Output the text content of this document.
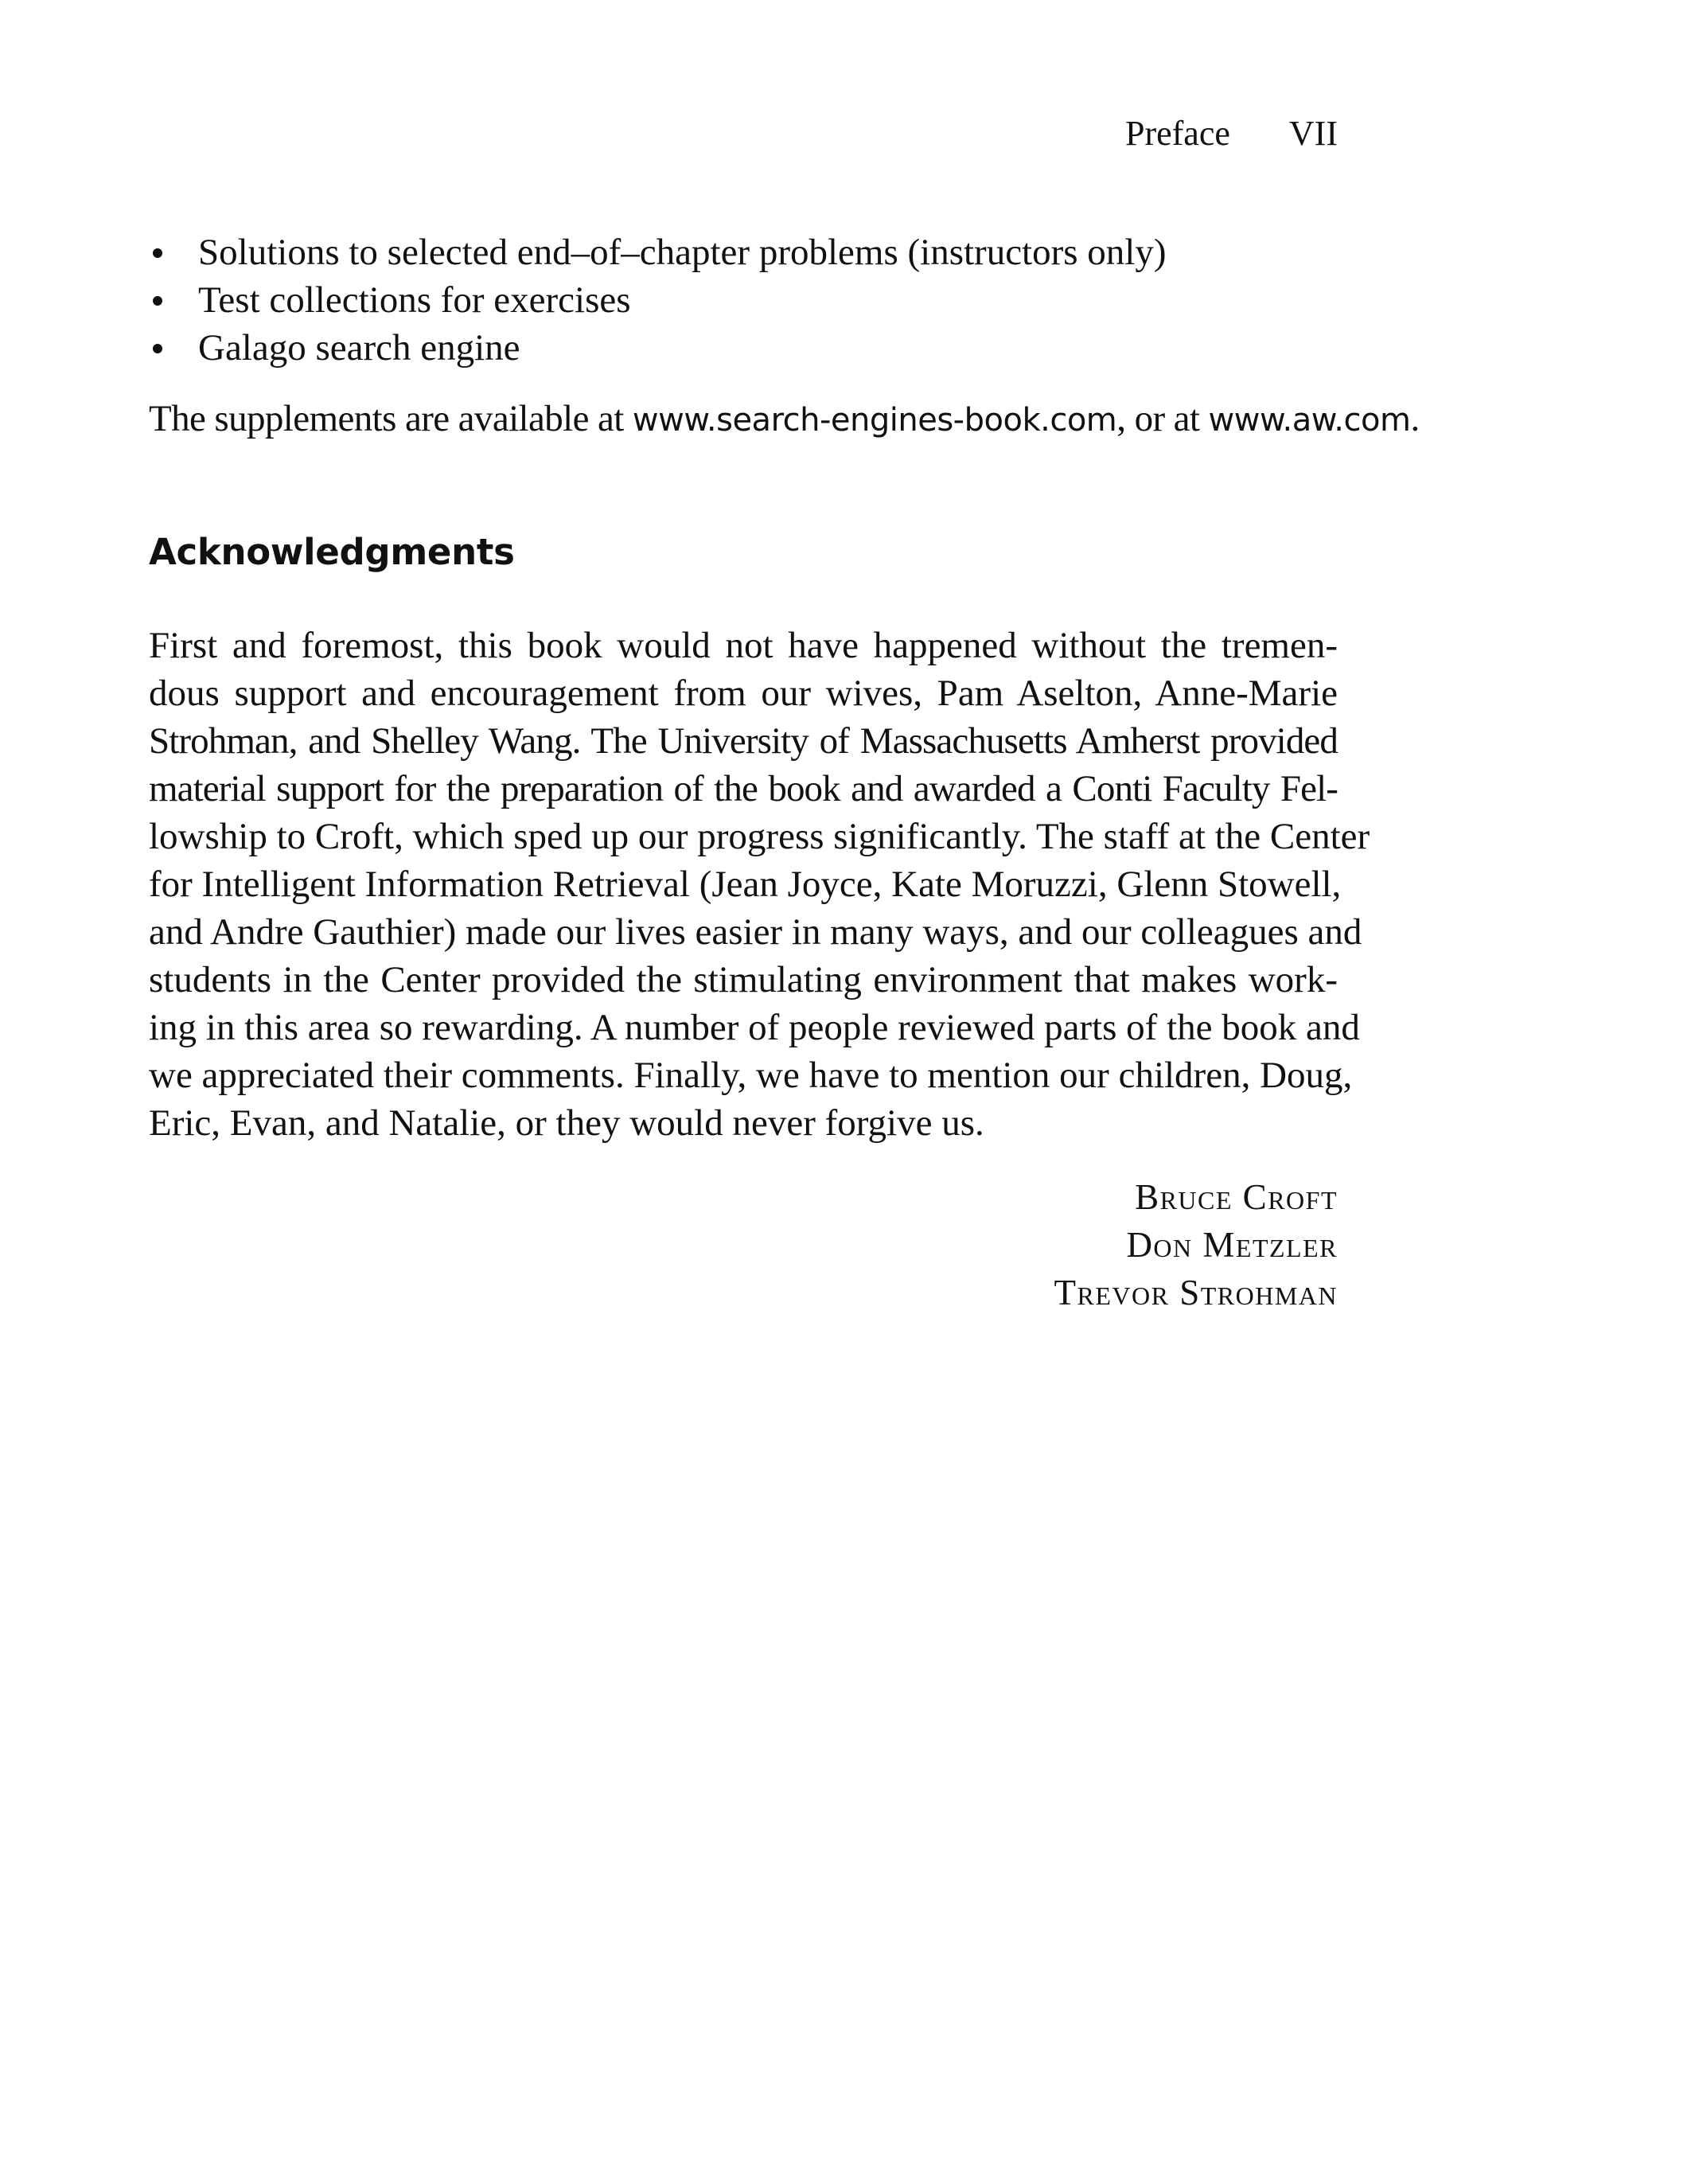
Preface VII
Solutions to selected end–of–chapter problems (instructors only)
Test collections for exercises
Galago search engine

The supplements are available at www.search-engines-book.com, or at www.aw.com.

Acknowledgments
First and foremost, this book would not have happened without the tremen-
dous support and encouragement from our wives, Pam Aselton, Anne-Marie
Strohman, and Shelley Wang. The University of Massachusetts Amherst provided
material support for the preparation of the book and awarded a Conti Faculty Fel-
lowship to Croft, which sped up our progress significantly. The staff at the Center
for Intelligent Information Retrieval (Jean Joyce, Kate Moruzzi, Glenn Stowell,
and Andre Gauthier) made our lives easier in many ways, and our colleagues and
students in the Center provided the stimulating environment that makes work-
ing in this area so rewarding. A number of people reviewed parts of the book and
we appreciated their comments. Finally, we have to mention our children, Doug,
Eric, Evan, and Natalie, or they would never forgive us.
Bruce Croft
Don Metzler
Trevor Strohman
